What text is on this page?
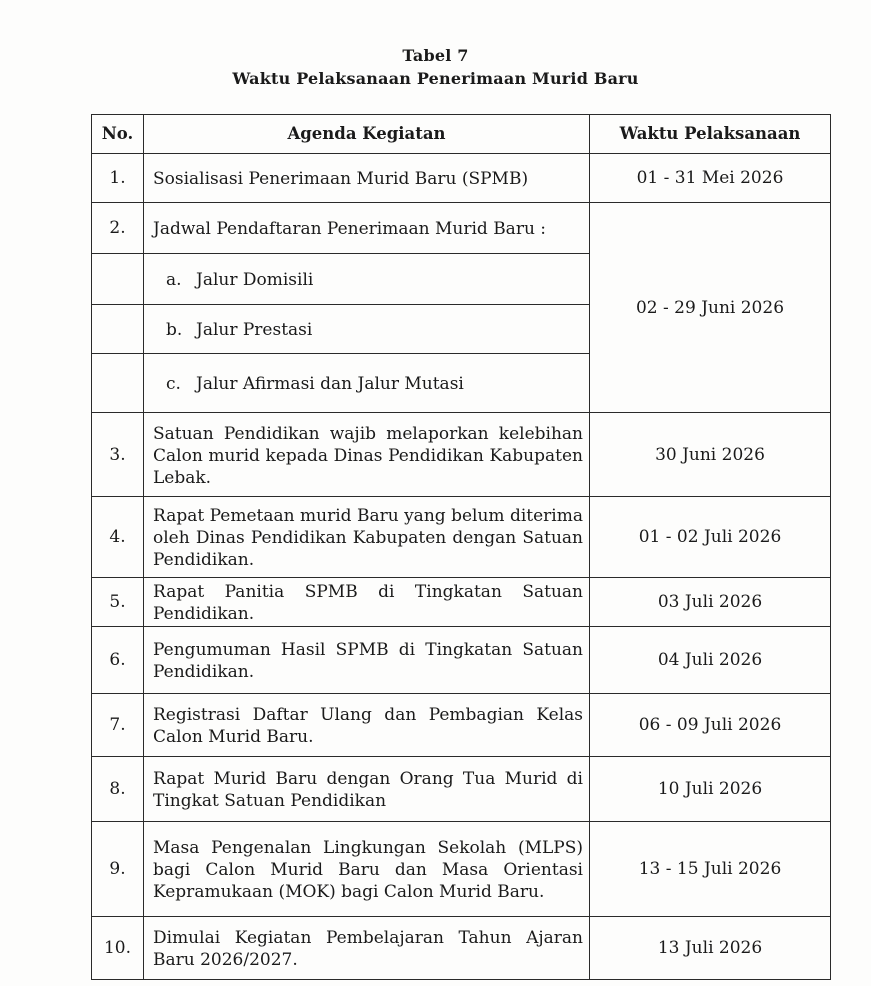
Tabel 7
Waktu Pelaksanaan Penerimaan Murid Baru
No.	Agenda Kegiatan	Waktu Pelaksanaan
1.	Sosialisasi Penerimaan Murid Baru (SPMB)	01 - 31 Mei 2026
2.	Jadwal Pendaftaran Penerimaan Murid Baru :	02 - 29 Juni 2026
	a. Jalur Domisili	
	b. Jalur Prestasi	
	c. Jalur Afirmasi dan Jalur Mutasi	
3.	Satuan Pendidikan wajib melaporkan kelebihan Calon murid kepada Dinas Pendidikan Kabupaten Lebak.	30 Juni 2026
4.	Rapat Pemetaan murid Baru yang belum diterima oleh Dinas Pendidikan Kabupaten dengan Satuan Pendidikan.	01 - 02 Juli 2026
5.	Rapat Panitia SPMB di Tingkatan Satuan Pendidikan.	03 Juli 2026
6.	Pengumuman Hasil SPMB di Tingkatan Satuan Pendidikan.	04 Juli 2026
7.	Registrasi Daftar Ulang dan Pembagian Kelas Calon Murid Baru.	06 - 09 Juli 2026
8.	Rapat Murid Baru dengan Orang Tua Murid di Tingkat Satuan Pendidikan	10 Juli 2026
9.	Masa Pengenalan Lingkungan Sekolah (MLPS) bagi Calon Murid Baru dan Masa Orientasi Kepramukaan (MOK) bagi Calon Murid Baru.	13 - 15 Juli 2026
10.	Dimulai Kegiatan Pembelajaran Tahun Ajaran Baru 2026/2027.	13 Juli 2026
